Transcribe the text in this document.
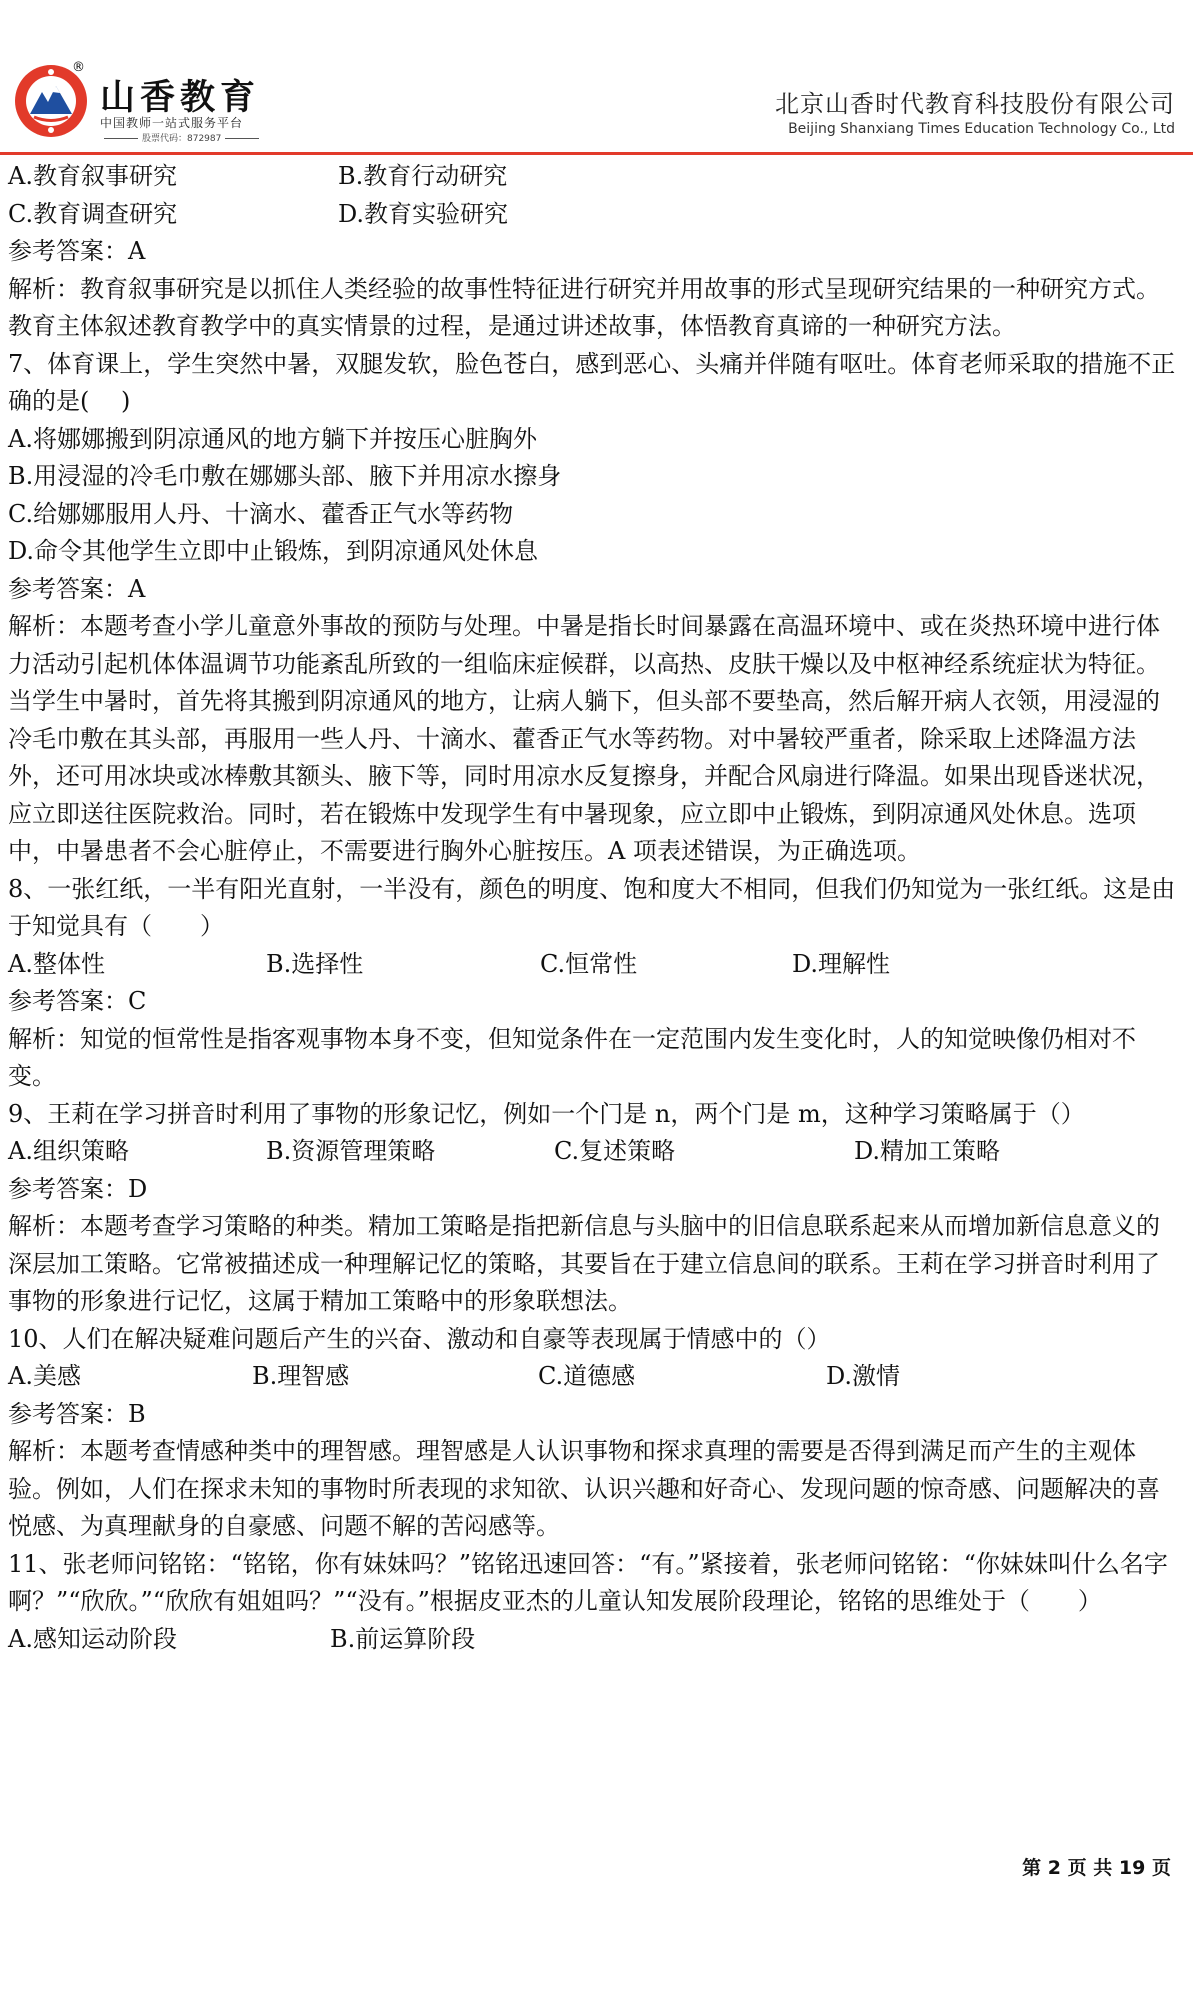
®
山香教育
中国教师一站式服务平台
股票代码：872987
北京山香时代教育科技股份有限公司
Beijing Shanxiang Times Education Technology Co., Ltd
A.教育叙事研究	B.教育行动研究
C.教育调查研究	D.教育实验研究

参考答案：A

解析：教育叙事研究是以抓住人类经验的故事性特征进行研究并用故事的形式呈现研究结果的一种研究方式。教育主体叙述教育教学中的真实情景的过程，是通过讲述故事，体悟教育真谛的一种研究方法。

7、体育课上，学生突然中暑，双腿发软，脸色苍白，感到恶心、头痛并伴随有呕吐。体育老师采取的措施不正确的是(　 )

A.将娜娜搬到阴凉通风的地方躺下并按压心脏胸外

B.用浸湿的冷毛巾敷在娜娜头部、腋下并用凉水擦身

C.给娜娜服用人丹、十滴水、藿香正气水等药物

D.命令其他学生立即中止锻炼，到阴凉通风处休息

参考答案：A

解析：本题考查小学儿童意外事故的预防与处理。中暑是指长时间暴露在高温环境中、或在炎热环境中进行体力活动引起机体体温调节功能紊乱所致的一组临床症候群，以高热、皮肤干燥以及中枢神经系统症状为特征。当学生中暑时，首先将其搬到阴凉通风的地方，让病人躺下，但头部不要垫高，然后解开病人衣领，用浸湿的冷毛巾敷在其头部，再服用一些人丹、十滴水、藿香正气水等药物。对中暑较严重者，除采取上述降温方法外，还可用冰块或冰棒敷其额头、腋下等，同时用凉水反复擦身，并配合风扇进行降温。如果出现昏迷状况，应立即送往医院救治。同时，若在锻炼中发现学生有中暑现象，应立即中止锻炼，到阴凉通风处休息。选项中，中暑患者不会心脏停止，不需要进行胸外心脏按压。A 项表述错误，为正确选项。

8、一张红纸，一半有阳光直射，一半没有，颜色的明度、饱和度大不相同，但我们仍知觉为一张红纸。这是由于知觉具有（　　）

A.整体性	B.选择性	C.恒常性	D.理解性

参考答案：C

解析：知觉的恒常性是指客观事物本身不变，但知觉条件在一定范围内发生变化时，人的知觉映像仍相对不变。

9、王莉在学习拼音时利用了事物的形象记忆，例如一个门是 n，两个门是 m，这种学习策略属于（）

A.组织策略	B.资源管理策略	C.复述策略	D.精加工策略

参考答案：D

解析：本题考查学习策略的种类。精加工策略是指把新信息与头脑中的旧信息联系起来从而增加新信息意义的深层加工策略。它常被描述成一种理解记忆的策略，其要旨在于建立信息间的联系。王莉在学习拼音时利用了事物的形象进行记忆，这属于精加工策略中的形象联想法。

10、人们在解决疑难问题后产生的兴奋、激动和自豪等表现属于情感中的（）

A.美感	B.理智感	C.道德感	D.激情

参考答案：B

解析：本题考查情感种类中的理智感。理智感是人认识事物和探求真理的需要是否得到满足而产生的主观体验。例如，人们在探求未知的事物时所表现的求知欲、认识兴趣和好奇心、发现问题的惊奇感、问题解决的喜悦感、为真理献身的自豪感、问题不解的苦闷感等。

11、张老师问铭铭：“铭铭，你有妹妹吗？”铭铭迅速回答：“有。”紧接着，张老师问铭铭：“你妹妹叫什么名字啊？”“欣欣。”“欣欣有姐姐吗？”“没有。”根据皮亚杰的儿童认知发展阶段理论，铭铭的思维处于（　　）

A.感知运动阶段	B.前运算阶段
第 2 页 共 19 页
